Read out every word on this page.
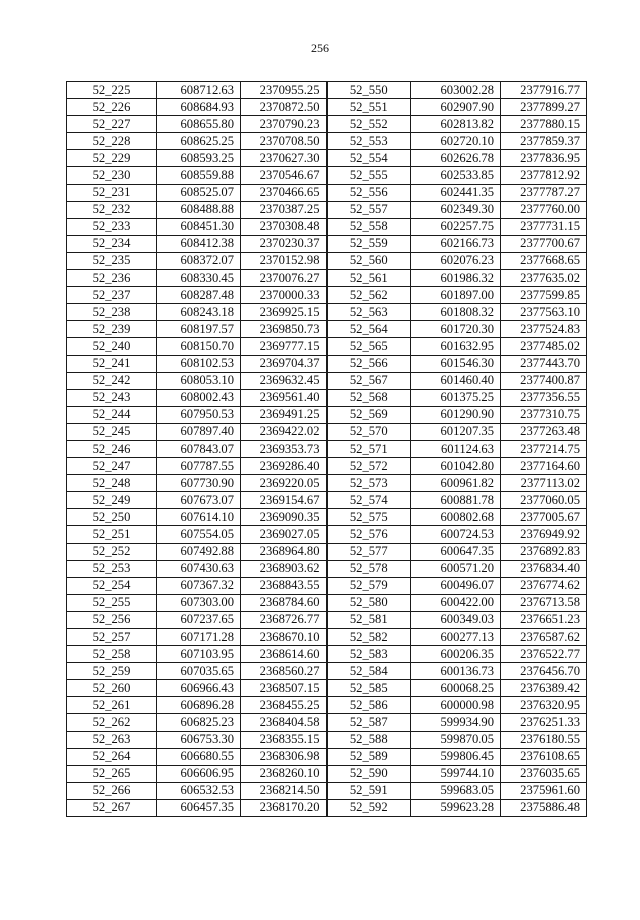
256
52_225	608712.63	2370955.25	52_550	603002.28	2377916.77
52_226	608684.93	2370872.50	52_551	602907.90	2377899.27
52_227	608655.80	2370790.23	52_552	602813.82	2377880.15
52_228	608625.25	2370708.50	52_553	602720.10	2377859.37
52_229	608593.25	2370627.30	52_554	602626.78	2377836.95
52_230	608559.88	2370546.67	52_555	602533.85	2377812.92
52_231	608525.07	2370466.65	52_556	602441.35	2377787.27
52_232	608488.88	2370387.25	52_557	602349.30	2377760.00
52_233	608451.30	2370308.48	52_558	602257.75	2377731.15
52_234	608412.38	2370230.37	52_559	602166.73	2377700.67
52_235	608372.07	2370152.98	52_560	602076.23	2377668.65
52_236	608330.45	2370076.27	52_561	601986.32	2377635.02
52_237	608287.48	2370000.33	52_562	601897.00	2377599.85
52_238	608243.18	2369925.15	52_563	601808.32	2377563.10
52_239	608197.57	2369850.73	52_564	601720.30	2377524.83
52_240	608150.70	2369777.15	52_565	601632.95	2377485.02
52_241	608102.53	2369704.37	52_566	601546.30	2377443.70
52_242	608053.10	2369632.45	52_567	601460.40	2377400.87
52_243	608002.43	2369561.40	52_568	601375.25	2377356.55
52_244	607950.53	2369491.25	52_569	601290.90	2377310.75
52_245	607897.40	2369422.02	52_570	601207.35	2377263.48
52_246	607843.07	2369353.73	52_571	601124.63	2377214.75
52_247	607787.55	2369286.40	52_572	601042.80	2377164.60
52_248	607730.90	2369220.05	52_573	600961.82	2377113.02
52_249	607673.07	2369154.67	52_574	600881.78	2377060.05
52_250	607614.10	2369090.35	52_575	600802.68	2377005.67
52_251	607554.05	2369027.05	52_576	600724.53	2376949.92
52_252	607492.88	2368964.80	52_577	600647.35	2376892.83
52_253	607430.63	2368903.62	52_578	600571.20	2376834.40
52_254	607367.32	2368843.55	52_579	600496.07	2376774.62
52_255	607303.00	2368784.60	52_580	600422.00	2376713.58
52_256	607237.65	2368726.77	52_581	600349.03	2376651.23
52_257	607171.28	2368670.10	52_582	600277.13	2376587.62
52_258	607103.95	2368614.60	52_583	600206.35	2376522.77
52_259	607035.65	2368560.27	52_584	600136.73	2376456.70
52_260	606966.43	2368507.15	52_585	600068.25	2376389.42
52_261	606896.28	2368455.25	52_586	600000.98	2376320.95
52_262	606825.23	2368404.58	52_587	599934.90	2376251.33
52_263	606753.30	2368355.15	52_588	599870.05	2376180.55
52_264	606680.55	2368306.98	52_589	599806.45	2376108.65
52_265	606606.95	2368260.10	52_590	599744.10	2376035.65
52_266	606532.53	2368214.50	52_591	599683.05	2375961.60
52_267	606457.35	2368170.20	52_592	599623.28	2375886.48
